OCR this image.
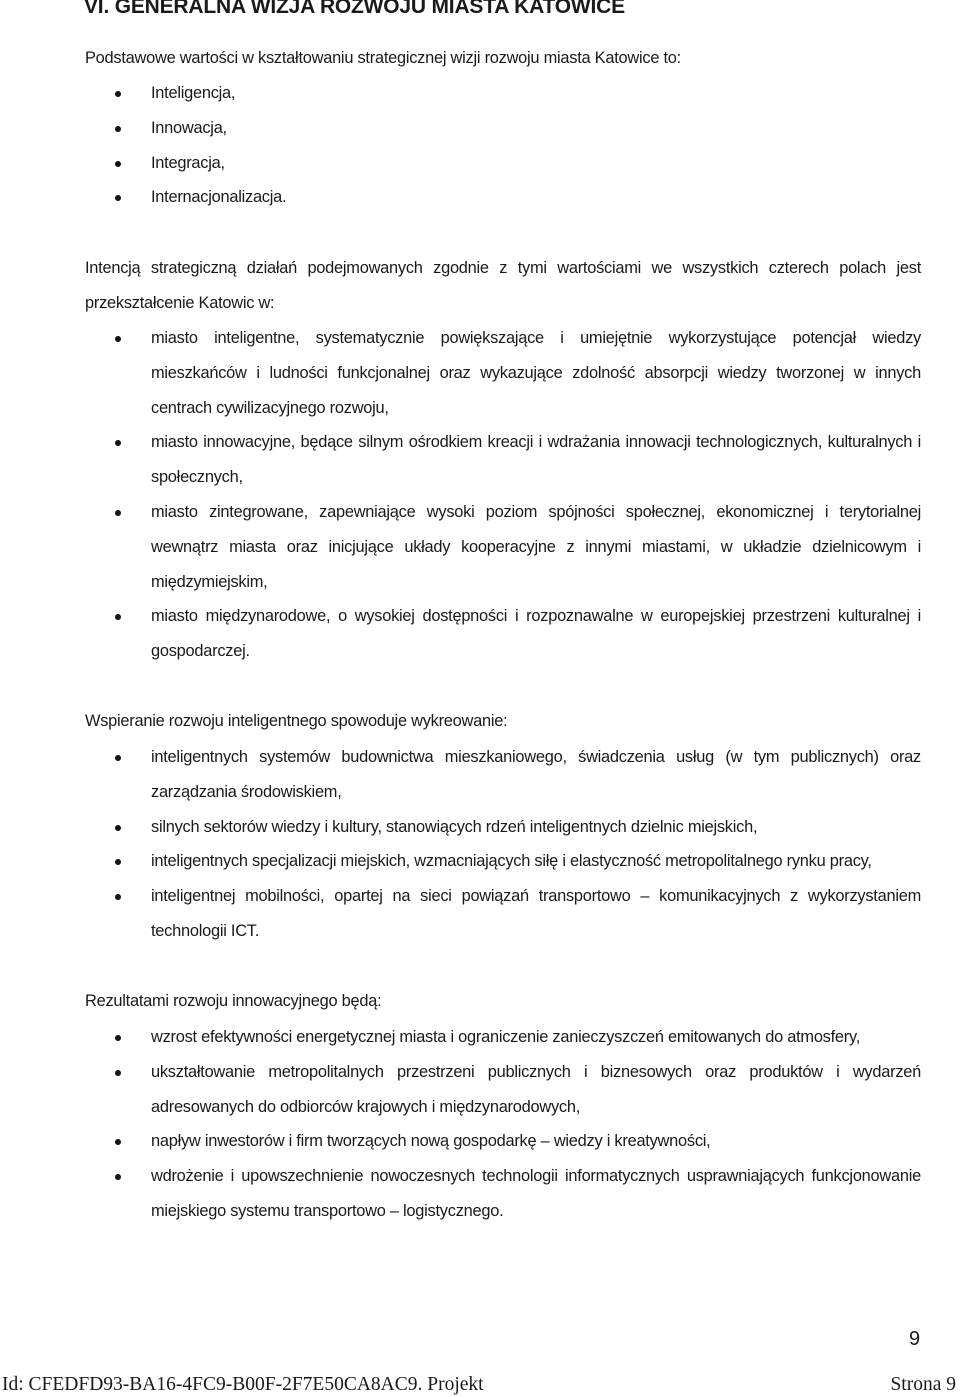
VI. GENERALNA WIZJA ROZWOJU MIASTA KATOWICE

Podstawowe wartości w kształtowaniu strategicznej wizji rozwoju miasta Katowice to:

Inteligencja,
Innowacja,
Integracja,
Internacjonalizacja.

Intencją strategiczną działań podejmowanych zgodnie z tymi wartościami we wszystkich czterech polach jest przekształcenie Katowic w:

miasto inteligentne, systematycznie powiększające i umiejętnie wykorzystujące potencjał wiedzy mieszkańców i ludności funkcjonalnej oraz wykazujące zdolność absorpcji wiedzy tworzonej w innych centrach cywilizacyjnego rozwoju,
miasto innowacyjne, będące silnym ośrodkiem kreacji i wdrażania innowacji technologicznych, kulturalnych i społecznych,
miasto zintegrowane, zapewniające wysoki poziom spójności społecznej, ekonomicznej i terytorialnej wewnątrz miasta oraz inicjujące układy kooperacyjne z innymi miastami, w układzie dzielnicowym i międzymiejskim,
miasto międzynarodowe, o wysokiej dostępności i rozpoznawalne w europejskiej przestrzeni kulturalnej i gospodarczej.

Wspieranie rozwoju inteligentnego spowoduje wykreowanie:

inteligentnych systemów budownictwa mieszkaniowego, świadczenia usług (w tym publicznych) oraz zarządzania środowiskiem,
silnych sektorów wiedzy i kultury, stanowiących rdzeń inteligentnych dzielnic miejskich,
inteligentnych specjalizacji miejskich, wzmacniających siłę i elastyczność metropolitalnego rynku pracy,
inteligentnej mobilności, opartej na sieci powiązań transportowo – komunikacyjnych z wykorzystaniem technologii ICT.

Rezultatami rozwoju innowacyjnego będą:

wzrost efektywności energetycznej miasta i ograniczenie zanieczyszczeń emitowanych do atmosfery,
ukształtowanie metropolitalnych przestrzeni publicznych i biznesowych oraz produktów i wydarzeń adresowanych do odbiorców krajowych i międzynarodowych,
napływ inwestorów i firm tworzących nową gospodarkę – wiedzy i kreatywności,
wdrożenie i upowszechnienie nowoczesnych technologii informatycznych usprawniających funkcjonowanie miejskiego systemu transportowo – logistycznego.
9
Id: CFEDFD93-BA16-4FC9-B00F-2F7E50CA8AC9. Projekt	Strona 9
